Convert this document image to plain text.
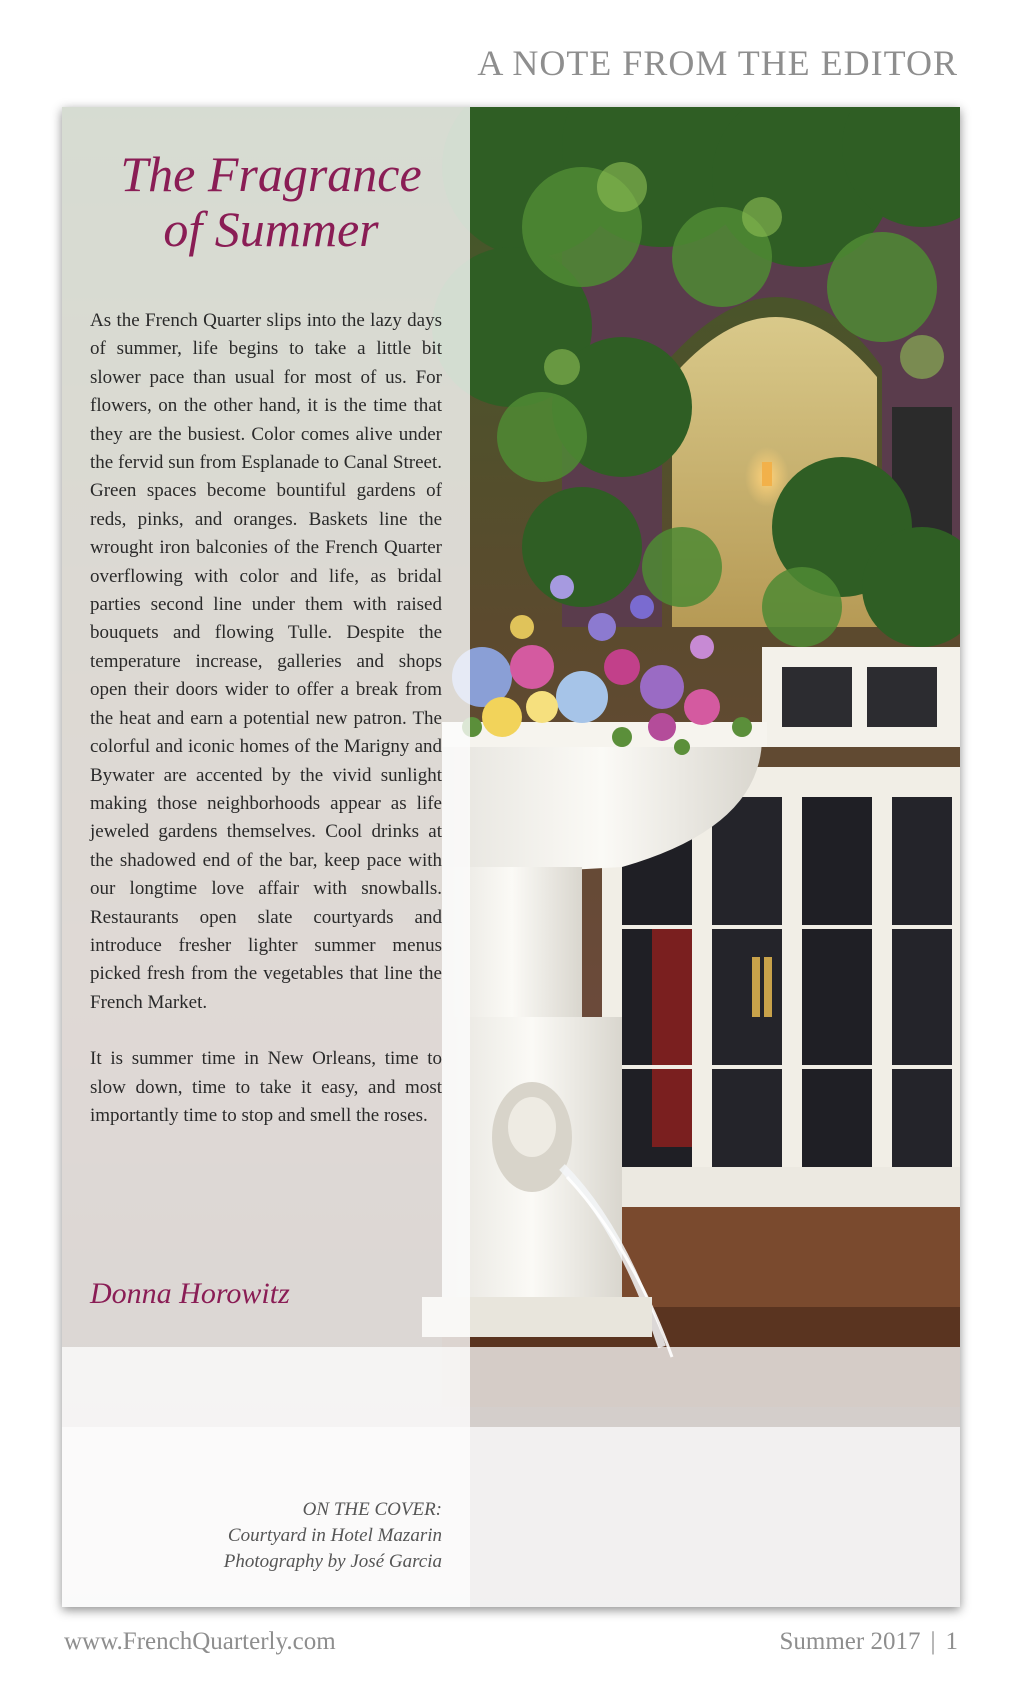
A NOTE FROM THE EDITOR
The Fragrance
of Summer

As the French Quarter slips into the lazy days of summer, life begins to take a little bit slower pace than usual for most of us. For flowers, on the other hand, it is the time that they are the busiest. Color comes alive under the fervid sun from Esplanade to Canal Street. Green spaces become bountiful gardens of reds, pinks, and oranges. Baskets line the wrought iron balconies of the French Quarter overflowing with color and life, as bridal parties second line under them with raised bouquets and flowing Tulle. Despite the temperature increase, galleries and shops open their doors wider to offer a break from the heat and earn a potential new patron. The colorful and iconic homes of the Marigny and Bywater are accented by the vivid sunlight making those neighborhoods appear as life jeweled gardens themselves. Cool drinks at the shadowed end of the bar, keep pace with our longtime love affair with snowballs. Restaurants open slate courtyards and introduce fresher lighter summer menus picked fresh from the vegetables that line the French Market.

It is summer time in New Orleans, time to slow down, time to take it easy, and most importantly time to stop and smell the roses.

Donna Horowitz
ON THE COVER:
Courtyard in Hotel Mazarin
Photography by José Garcia
www.FrenchQuarterly.com	Summer 2017 | 1
